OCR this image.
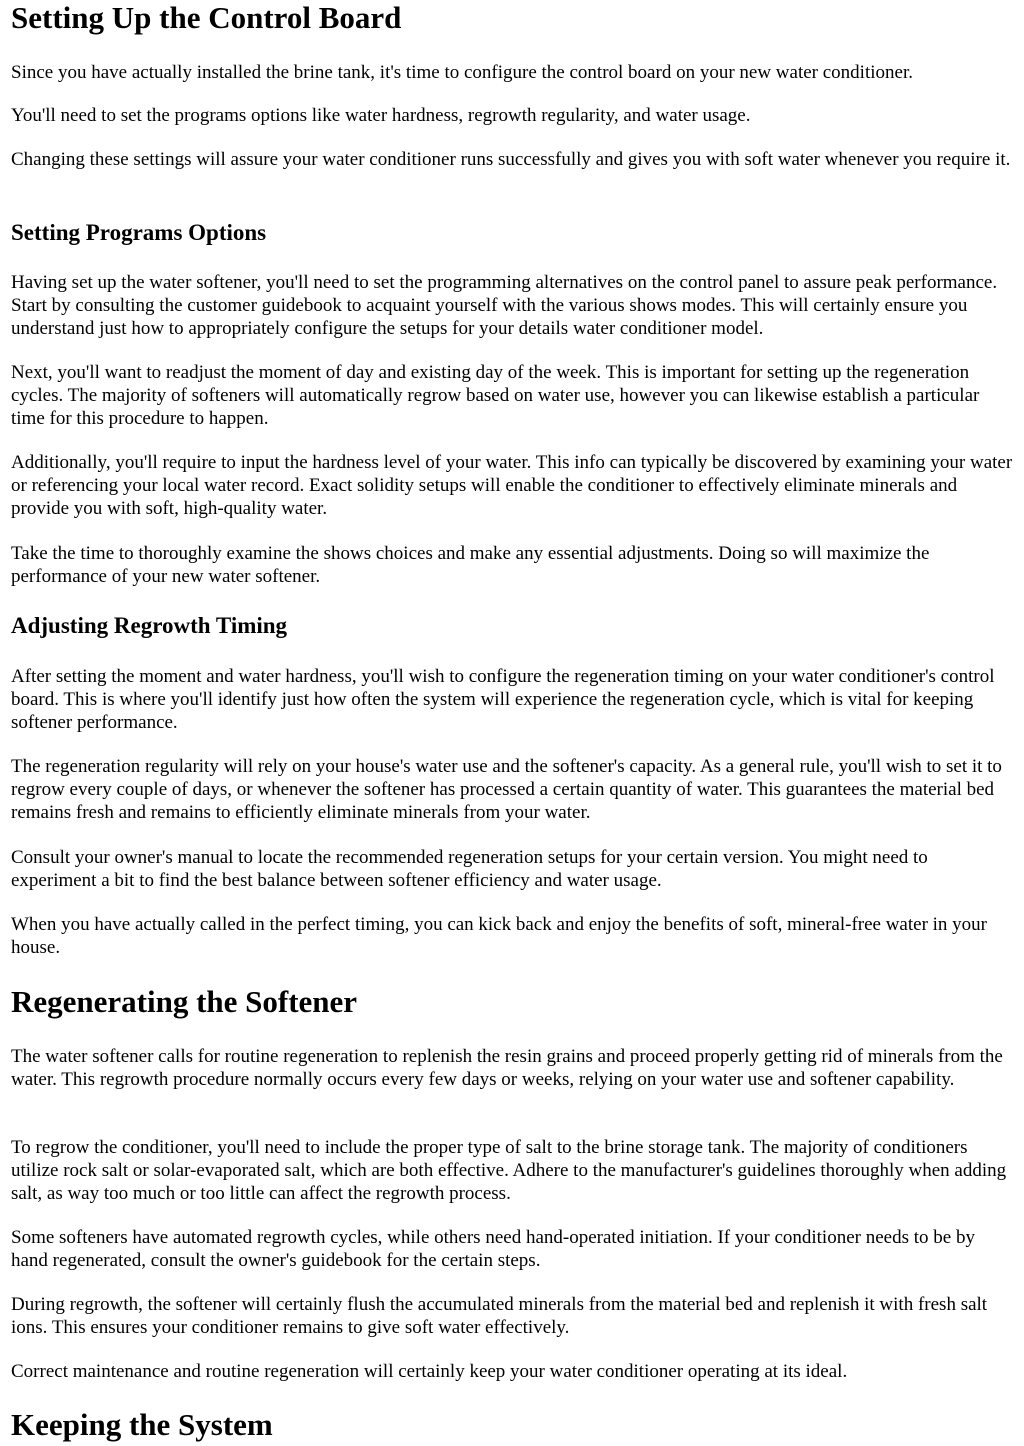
Setting Up the Control Board

Since you have actually installed the brine tank, it's time to configure the control board on your new water conditioner.

You'll need to set the programs options like water hardness, regrowth regularity, and water usage.

Changing these settings will assure your water conditioner runs successfully and gives you with soft water whenever you require it.

Setting Programs Options

Having set up the water softener, you'll need to set the programming alternatives on the control panel to assure peak performance. Start by consulting the customer guidebook to acquaint yourself with the various shows modes. This will certainly ensure you understand just how to appropriately configure the setups for your details water conditioner model.

Next, you'll want to readjust the moment of day and existing day of the week. This is important for setting up the regeneration cycles. The majority of softeners will automatically regrow based on water use, however you can likewise establish a particular time for this procedure to happen.

Additionally, you'll require to input the hardness level of your water. This info can typically be discovered by examining your water or referencing your local water record. Exact solidity setups will enable the conditioner to effectively eliminate minerals and provide you with soft, high-quality water.

Take the time to thoroughly examine the shows choices and make any essential adjustments. Doing so will maximize the performance of your new water softener.

Adjusting Regrowth Timing

After setting the moment and water hardness, you'll wish to configure the regeneration timing on your water conditioner's control board. This is where you'll identify just how often the system will experience the regeneration cycle, which is vital for keeping softener performance.

The regeneration regularity will rely on your house's water use and the softener's capacity. As a general rule, you'll wish to set it to regrow every couple of days, or whenever the softener has processed a certain quantity of water. This guarantees the material bed remains fresh and remains to efficiently eliminate minerals from your water.

Consult your owner's manual to locate the recommended regeneration setups for your certain version. You might need to experiment a bit to find the best balance between softener efficiency and water usage.

When you have actually called in the perfect timing, you can kick back and enjoy the benefits of soft, mineral-free water in your house.

Regenerating the Softener

The water softener calls for routine regeneration to replenish the resin grains and proceed properly getting rid of minerals from the water. This regrowth procedure normally occurs every few days or weeks, relying on your water use and softener capability.

To regrow the conditioner, you'll need to include the proper type of salt to the brine storage tank. The majority of conditioners utilize rock salt or solar-evaporated salt, which are both effective. Adhere to the manufacturer's guidelines thoroughly when adding salt, as way too much or too little can affect the regrowth process.

Some softeners have automated regrowth cycles, while others need hand-operated initiation. If your conditioner needs to be by hand regenerated, consult the owner's guidebook for the certain steps.

During regrowth, the softener will certainly flush the accumulated minerals from the material bed and replenish it with fresh salt ions. This ensures your conditioner remains to give soft water effectively.

Correct maintenance and routine regeneration will certainly keep your water conditioner operating at its ideal.

Keeping the System
